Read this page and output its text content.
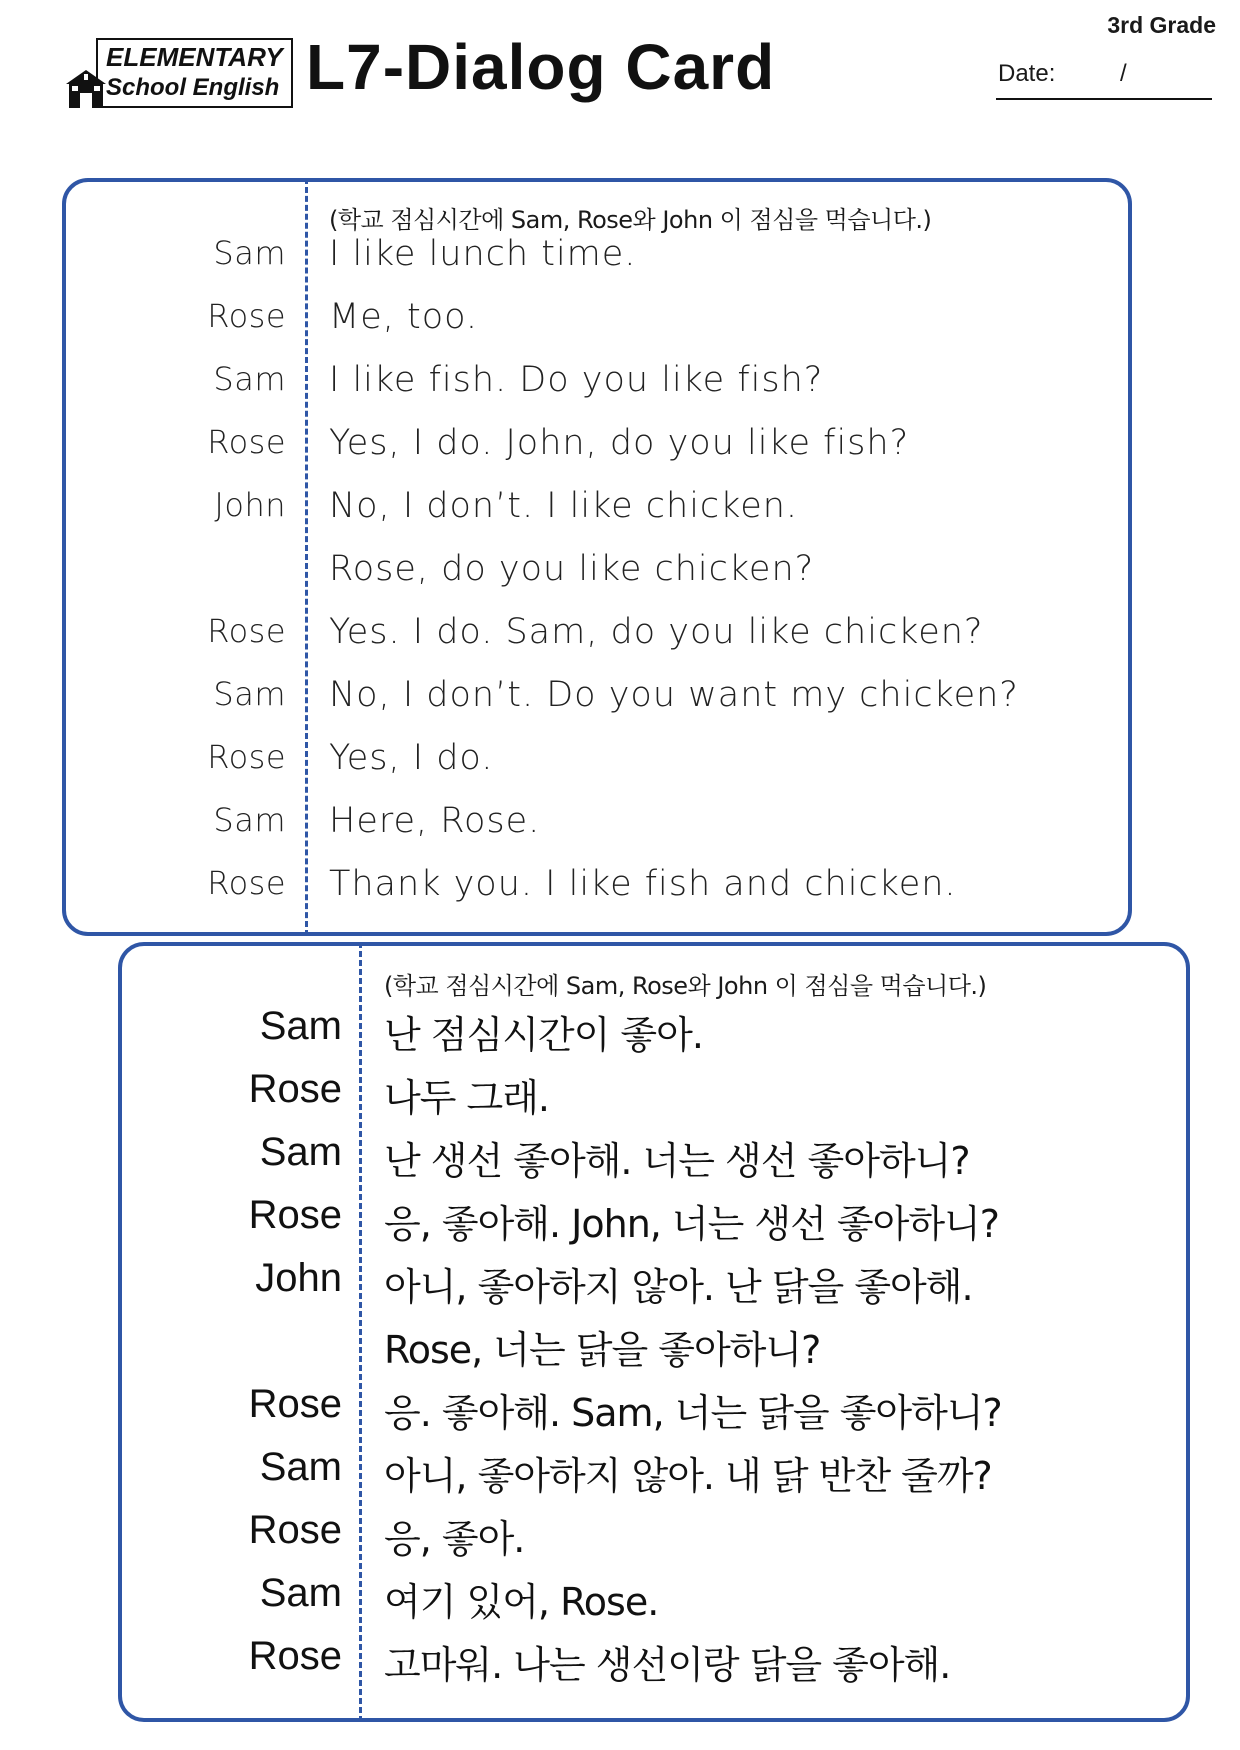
3rd Grade
ELEMENTARY
School English L7-Dialog Card	Date:	/
(학교 점심시간에 Sam, Rose와 John 이 점심을 먹습니다.)
Sam I like lunch time.
Rose Me, too.
Sam I like fish. Do you like fish?
Rose Yes, I do. John, do you like fish?
John No, I don’t. I like chicken.
Rose, do you like chicken?
Rose Yes. I do. Sam, do you like chicken?
Sam No, I don’t. Do you want my chicken?
Rose Yes, I do.
Sam Here, Rose.
Rose Thank you. I like fish and chicken.
(학교 점심시간에 Sam, Rose와 John 이 점심을 먹습니다.)
Sam 난 점심시간이 좋아.
Rose 나두 그래.
Sam 난 생선 좋아해. 너는 생선 좋아하니?
Rose 응, 좋아해. John, 너는 생선 좋아하니?
John 아니, 좋아하지 않아. 난 닭을 좋아해.
Rose, 너는 닭을 좋아하니?
Rose 응. 좋아해. Sam, 너는 닭을 좋아하니?
Sam 아니, 좋아하지 않아. 내 닭 반찬 줄까?
Rose 응, 좋아.
Sam 여기 있어, Rose.
Rose 고마워. 나는 생선이랑 닭을 좋아해.
